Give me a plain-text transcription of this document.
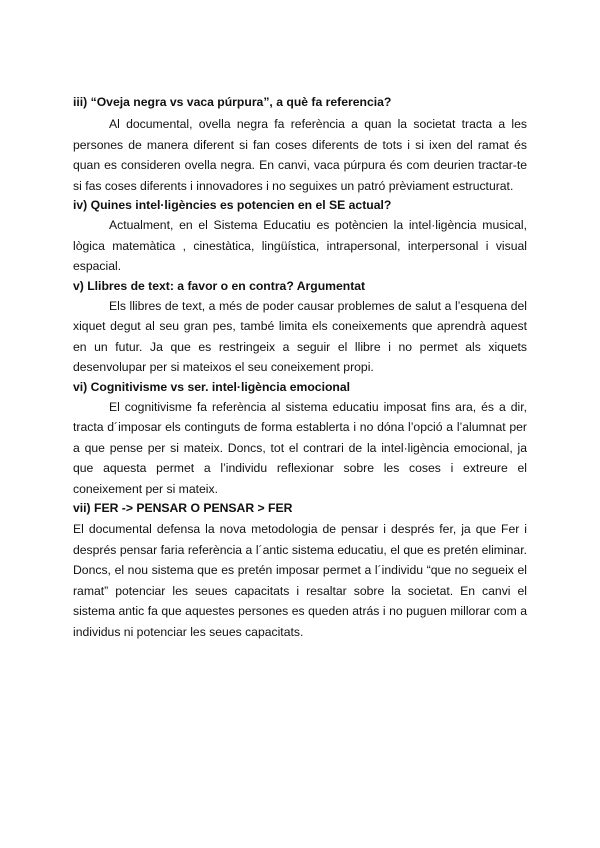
iii) “Oveja negra vs vaca púrpura”, a què fa referencia?

Al documental, ovella negra fa referència a quan la societat tracta a les persones de manera diferent si fan coses diferents de tots i si ixen del ramat és quan es consideren ovella negra. En canvi, vaca púrpura és com deurien tractar-te si fas coses diferents i innovadores i no seguixes un patró prèviament estructurat.

iv) Quines intel·ligències es potencien en el SE actual?

Actualment, en el Sistema Educatiu es potèncien la intel·ligència musical, lògica matemàtica , cinestàtica, lingüística, intrapersonal, interpersonal i visual espacial.

v) Llibres de text: a favor o en contra? Argumentat

Els llibres de text, a més de poder causar problemes de salut a l’esquena del xiquet degut al seu gran pes, també limita els coneixements que aprendrà aquest en un futur. Ja que es restringeix a seguir el llibre i no permet als xiquets desenvolupar per si mateixos el seu coneixement propi.

vi) Cognitivisme vs ser. intel·ligència emocional

El cognitivisme fa referència al sistema educatiu imposat fins ara, és a dir, tracta d´imposar els continguts de forma establerta i no dóna l’opció a l’alumnat per a que pense per si mateix. Doncs, tot el contrari de la intel·ligència emocional, ja que aquesta permet a l’individu reflexionar sobre les coses i extreure el coneixement per si mateix.

vii) FER -> PENSAR O PENSAR > FER

El documental defensa la nova metodologia de pensar i després fer, ja que Fer i després pensar faria referència a l´antic sistema educatiu, el que es pretén eliminar. Doncs, el nou sistema que es pretén imposar permet a l´individu “que no segueix el ramat” potenciar les seues capacitats i resaltar sobre la societat. En canvi el sistema antic fa que aquestes persones es queden atrás i no puguen millorar com a individus ni potenciar les seues capacitats.
